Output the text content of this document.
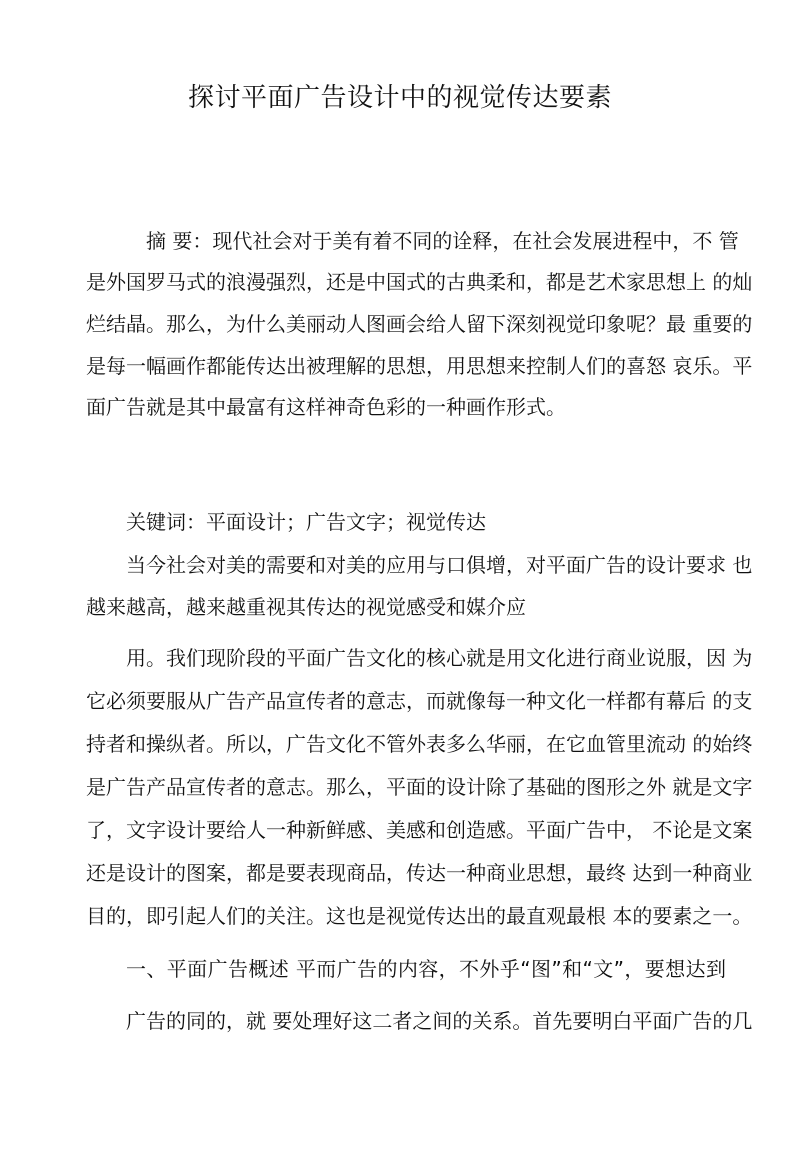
探讨平面广告设计中的视觉传达要素
摘 要：现代社会对于美有着不同的诠释，在社会发展进程中，不 管
是外国罗马式的浪漫强烈，还是中国式的古典柔和，都是艺术家思想上 的灿
烂结晶。那么，为什么美丽动人图画会给人留下深刻视觉印象呢？最 重要的
是每一幅画作都能传达出被理解的思想，用思想来控制人们的喜怒 哀乐。平
面广告就是其中最富有这样神奇色彩的一种画作形式。
关键词：平面设计；广告文字；视觉传达
当今社会对美的需要和对美的应用与口俱增，对平面广告的设计要求 也
越来越高，越来越重视其传达的视觉感受和媒介应
用。我们现阶段的平面广告文化的核心就是用文化进行商业说服，因 为
它必须要服从广告产品宣传者的意志，而就像每一种文化一样都有幕后 的支
持者和操纵者。所以，广告文化不管外表多么华丽，在它血管里流动 的始终
是广告产品宣传者的意志。那么，平面的设计除了基础的图形之外 就是文字
了，文字设计要给人一种新鲜感、美感和创造感。平面广告中， 不论是文案
还是设计的图案，都是要表现商品，传达一种商业思想，最终 达到一种商业
目的，即引起人们的关注。这也是视觉传达出的最直观最根 本的要素之一。
一、平面广告概述 平而广告的内容，不外乎“图”和“文”，要想达到
广告的同的，就 要处理好这二者之间的关系。首先要明白平面广告的几
